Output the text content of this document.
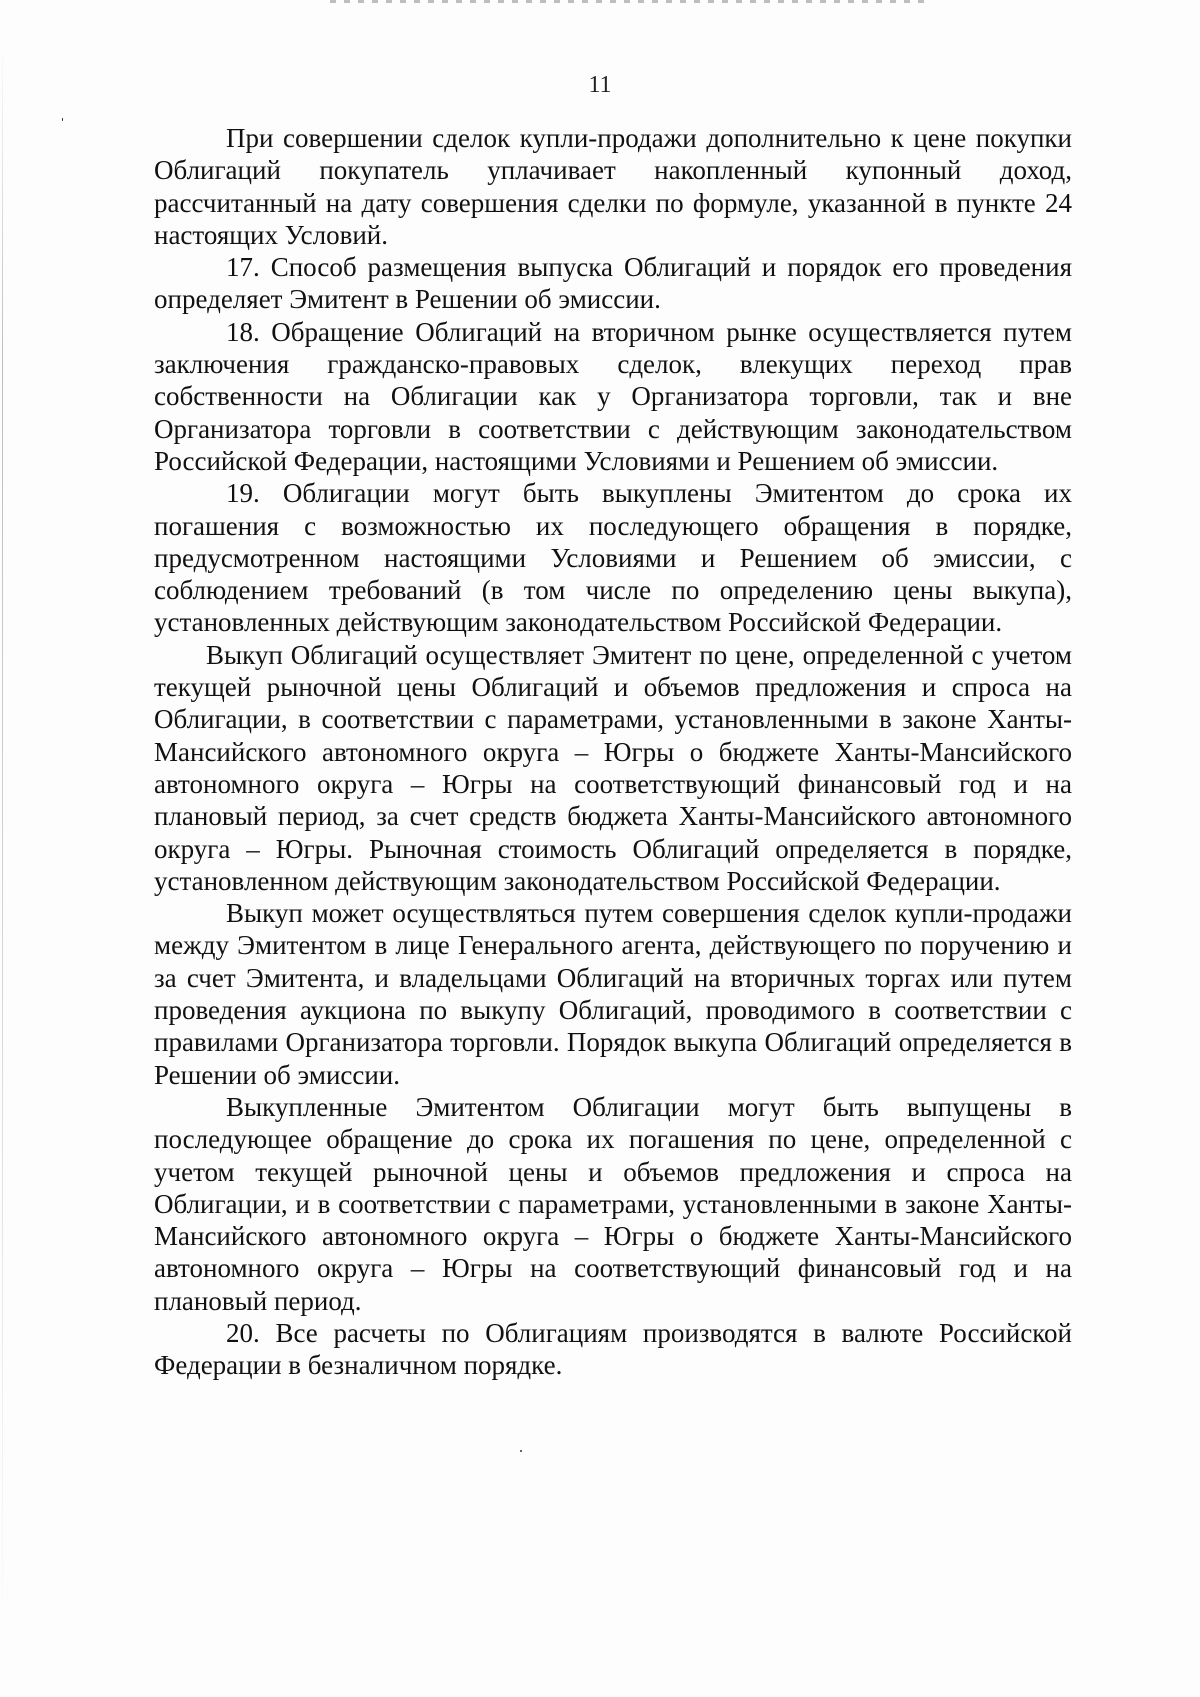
11

При совершении сделок купли-продажи дополнительно к цене покупки Облигаций покупатель уплачивает накопленный купонный доход, рассчитанный на дату совершения сделки по формуле, указанной в пункте 24 настоящих Условий.

17. Способ размещения выпуска Облигаций и порядок его проведения определяет Эмитент в Решении об эмиссии.

18. Обращение Облигаций на вторичном рынке осуществляется путем заключения гражданско-правовых сделок, влекущих переход прав собственности на Облигации как у Организатора торговли, так и вне Организатора торговли в соответствии с действующим законодательством Российской Федерации, настоящими Условиями и Решением об эмиссии.

19. Облигации могут быть выкуплены Эмитентом до срока их погашения с возможностью их последующего обращения в порядке, предусмотренном настоящими Условиями и Решением об эмиссии, с соблюдением требований (в том числе по определению цены выкупа), установленных действующим законодательством Российской Федерации.

Выкуп Облигаций осуществляет Эмитент по цене, определенной с учетом текущей рыночной цены Облигаций и объемов предложения и спроса на Облигации, в соответствии с параметрами, установленными в законе Ханты-Мансийского автономного округа – Югры о бюджете Ханты-Мансийского автономного округа – Югры на соответствующий финансовый год и на плановый период, за счет средств бюджета Ханты-Мансийского автономного округа – Югры. Рыночная стоимость Облигаций определяется в порядке, установленном действующим законодательством Российской Федерации.

Выкуп может осуществляться путем совершения сделок купли-продажи между Эмитентом в лице Генерального агента, действующего по поручению и за счет Эмитента, и владельцами Облигаций на вторичных торгах или путем проведения аукциона по выкупу Облигаций, проводимого в соответствии с правилами Организатора торговли. Порядок выкупа Облигаций определяется в Решении об эмиссии.

Выкупленные Эмитентом Облигации могут быть выпущены в последующее обращение до срока их погашения по цене, определенной с учетом текущей рыночной цены и объемов предложения и спроса на Облигации, и в соответствии с параметрами, установленными в законе Ханты-Мансийского автономного округа – Югры о бюджете Ханты-Мансийского автономного округа – Югры на соответствующий финансовый год и на плановый период.

20. Все расчеты по Облигациям производятся в валюте Российской Федерации в безналичном порядке.
